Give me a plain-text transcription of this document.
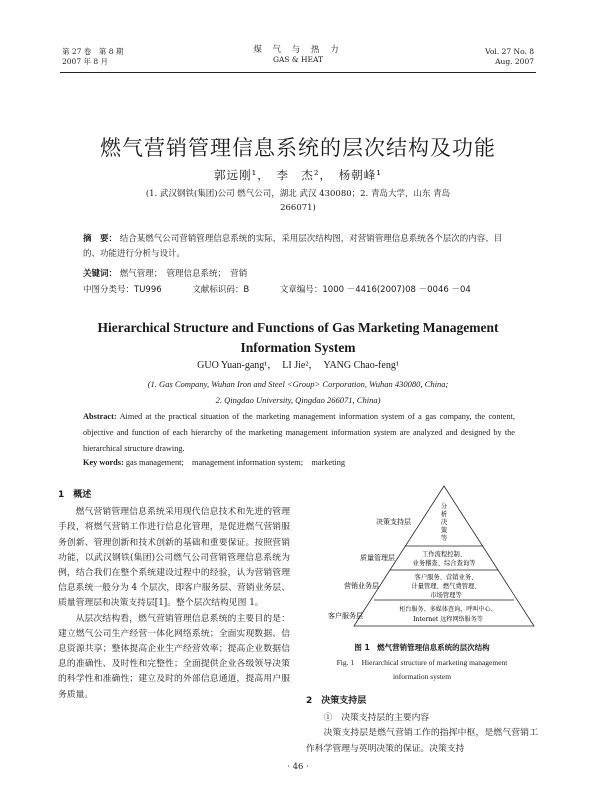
第 27 卷　第 8 期
2007 年 8 月
煤 气 与 热 力
GAS & HEAT
Vol. 27 No. 8
Aug. 2007
燃气营销管理信息系统的层次结构及功能
郭远刚¹，　李　杰²，　杨朝峰¹
(1. 武汉钢铁(集团)公司 燃气公司，湖北 武汉 430080；2. 青岛大学，山东 青岛
266071)
摘　要： 结合某燃气公司营销管理信息系统的实际，采用层次结构图，对营销管理信息系统各个层次的内容、目的、功能进行分析与设计。
关键词： 燃气管理；　管理信息系统；　营销
中图分类号：TU996	文献标识码：B	文章编号：1000 －4416(2007)08 －0046 －04
Hierarchical Structure and Functions of Gas Marketing Management
Information System
GUO Yuan-gang¹，　LI Jie²，　YANG Chao-feng¹
(1. Gas Company, Wuhan Iron and Steel <Group> Corporation, Wuhan 430080, China;
2. Qingdao University, Qingdao 266071, China)
Abstract: Aimed at the practical situation of the marketing management information system of a gas company, the content, objective and function of each hierarchy of the marketing management information system are analyzed and designed by the hierarchical structure drawing.
Key words: gas management;　management information system;　marketing
1　概述

燃气营销管理信息系统采用现代信息技术和先进的管理手段，将燃气营销工作进行信息化管理，是促进燃气营销服务创新、管理创新和技术创新的基础和重要保证。按照营销功能，以武汉钢铁(集团)公司燃气公司营销管理信息系统为例，结合我们在整个系统建设过程中的经验，认为营销管理信息系统一般分为 4 个层次，即客户服务层、营销业务层、质量管理层和决策支持层[1]。整个层次结构见图 1。

从层次结构看，燃气营销管理信息系统的主要目的是：建立燃气公司生产经营一体化网络系统；全面实现数据、信息资源共享；整体提高企业生产经营效率；提高企业数据信息的准确性、及时性和完整性；全面提供企业各级领导决策的科学性和准确性；建立及时的外部信息通道，提高用户服务质量。

决策支持层
分
析
决
策
等
质量管理层	工作流程控制、
业务稽查、综合查询等
营销业务层
客户服务、营销业务、
计量管理、燃气费管理、
市场管理等
客户服务层
柜台服务、多媒体查询、呼叫中心、
Internet 远程网络服务等
图 1　燃气营销管理信息系统的层次结构
Fig. 1　Hierarchical structure of marketing management
information system
2　决策支持层

①　决策支持层的主要内容

决策支持层是燃气营销工作的指挥中枢，是燃气营销工作科学管理与英明决策的保证。决策支持

· 46 ·
